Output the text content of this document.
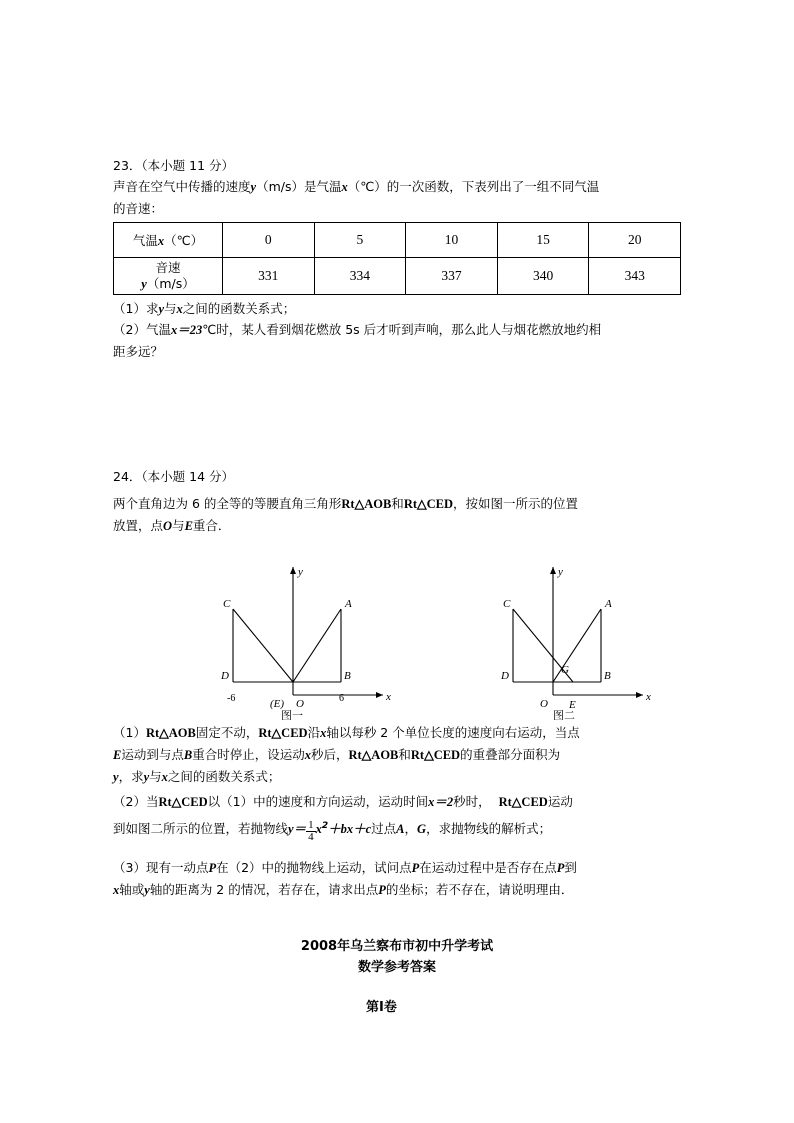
23．（本小题 11 分）
声音在空气中传播的速度y（m/s）是气温x（℃）的一次函数，下表列出了一组不同气温
的音速：
气温x（℃）	0	5	10	15	20

音速
y（m/s）	331	334	337	340	343
（1）求y与x之间的函数关系式；
（2）气温x＝23℃时，某人看到烟花燃放 5s 后才听到声响，那么此人与烟花燃放地约相
距多远？
24．（本小题 14 分）
两个直角边为 6 的全等的等腰直角三角形Rt△AOB和Rt△CED，按如图一所示的位置
放置，点O与E重合．
C	A
D	B
O
(E)
-6	6	x
y
图一
C	A
D	B
G
O E
x
y
图二
（1）Rt△AOB固定不动，Rt△CED沿x轴以每秒 2 个单位长度的速度向右运动，当点
E运动到与点B重合时停止，设运动x秒后，Rt△AOB和Rt△CED的重叠部分面积为
y，求y与x之间的函数关系式；
（2）当Rt△CED以（1）中的速度和方向运动，运动时间x＝2秒时， Rt△CED运动
到如图二所示的位置，若抛物线$y= \frac{1}{4} x^2+bx+c$过点A，G，求抛物线的解析式；
（3）现有一动点P在（2）中的抛物线上运动，试问点P在运动过程中是否存在点P到
x轴或y轴的距离为 2 的情况，若存在，请求出点P的坐标；若不存在，请说明理由．
2008年乌兰察布市初中升学考试
数学参考答案
第Ⅰ卷
